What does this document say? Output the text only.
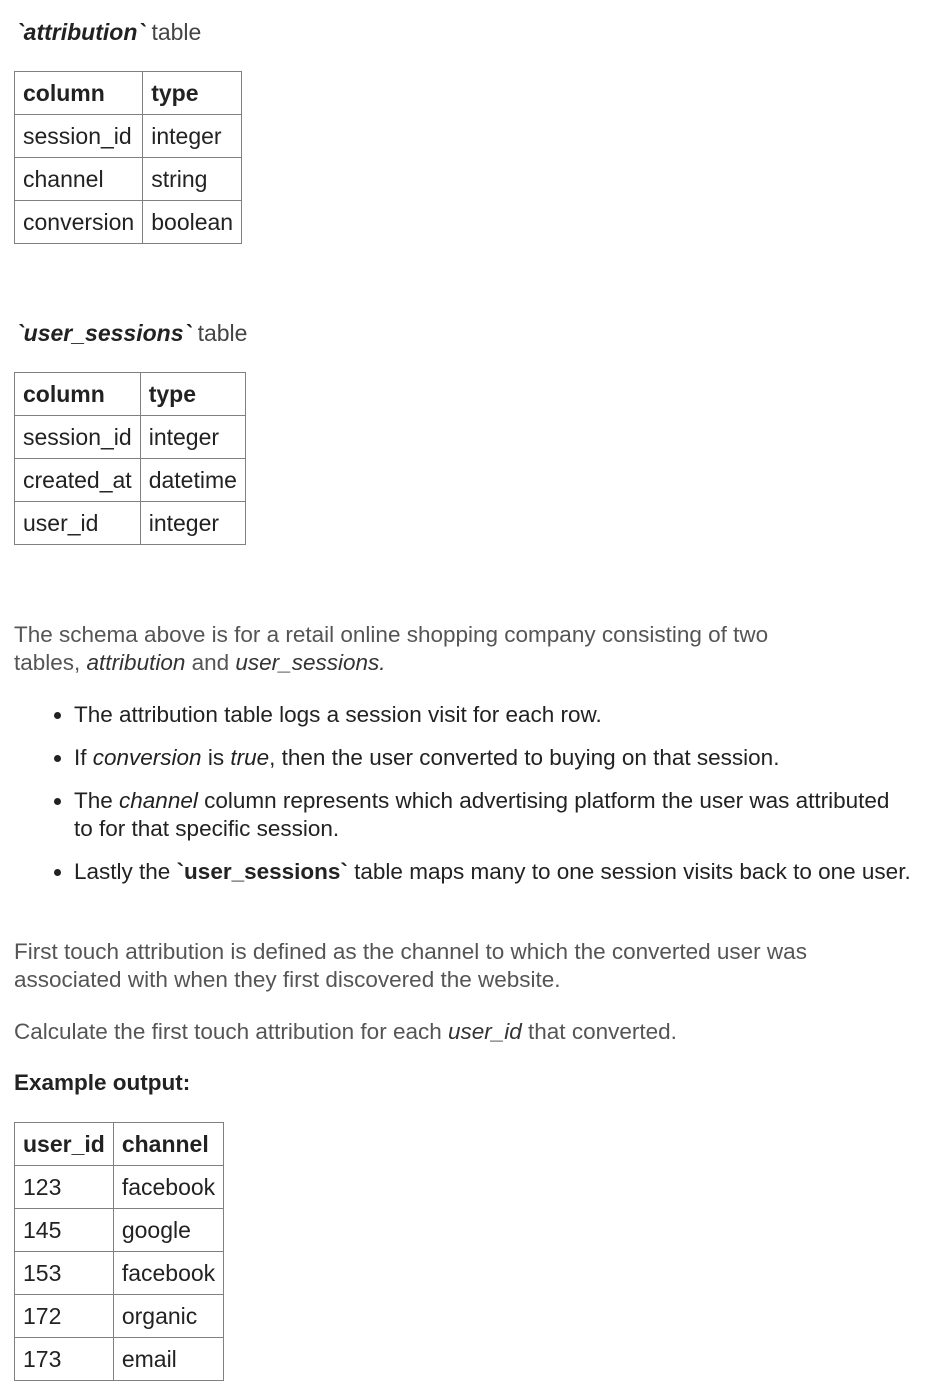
`attribution` table
column	type
session_id	integer
channel	string
conversion	boolean
`user_sessions` table
column	type
session_id	integer
created_at	datetime
user_id	integer
The schema above is for a retail online shopping company consisting of two tables, attribution and user_sessions.
• The attribution table logs a session visit for each row.
• If conversion is true, then the user converted to buying on that session.
• The channel column represents which advertising platform the user was attributed to for that specific session.
• Lastly the `user_sessions` table maps many to one session visits back to one user.
First touch attribution is defined as the channel to which the converted user was associated with when they first discovered the website.
Calculate the first touch attribution for each user_id that converted.
Example output:
user_id	channel
123	facebook
145	google
153	facebook
172	organic
173	email
